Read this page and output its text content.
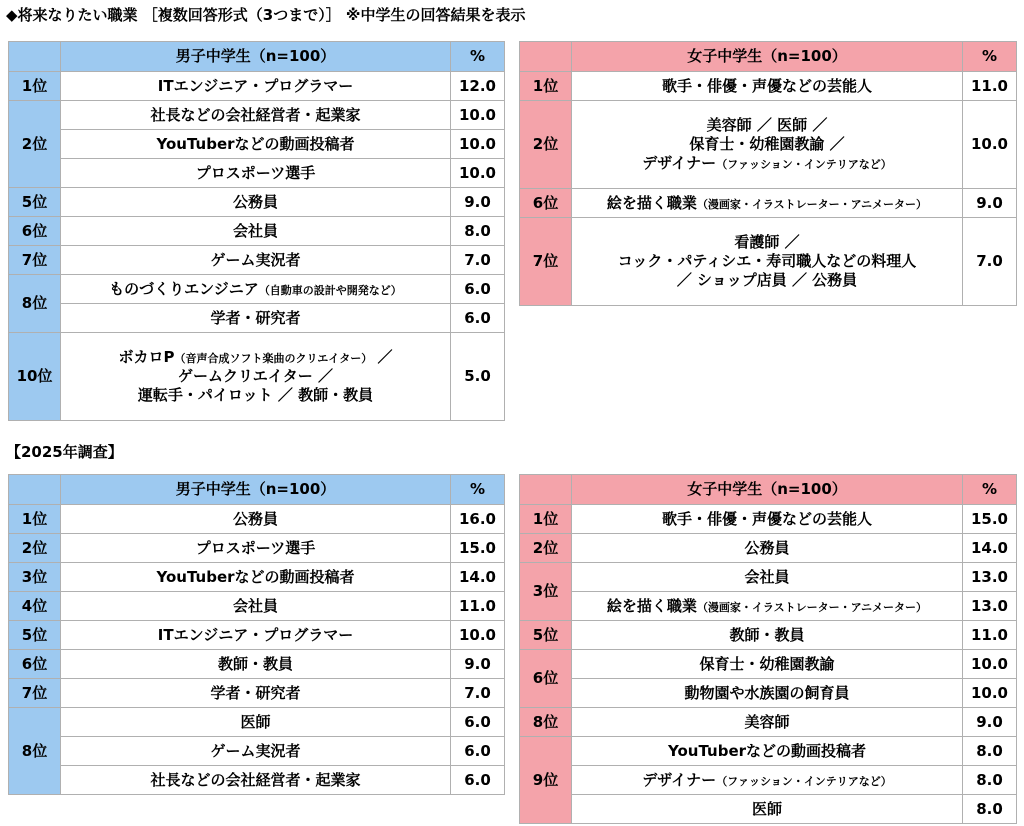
◆将来なりたい職業 ［複数回答形式（3つまで）］ ※中学生の回答結果を表示
	男子中学生（n=100）	%
1位	ITエンジニア・プログラマー	12.0
2位	社長などの会社経営者・起業家	10.0
	YouTuberなどの動画投稿者	10.0
	プロスポーツ選手	10.0
5位	公務員	9.0
6位	会社員	8.0
7位	ゲーム実況者	7.0
8位	ものづくりエンジニア（自動車の設計や開発など）	6.0
	学者・研究者	6.0
10位	ボカロP（音声合成ソフト楽曲のクリエイター） ／
ゲームクリエイター ／
運転手・パイロット ／ 教師・教員	5.0
	女子中学生（n=100）	%
1位	歌手・俳優・声優などの芸能人	11.0
2位	美容師 ／ 医師 ／
保育士・幼稚園教諭 ／
デザイナー（ファッション・インテリアなど）	10.0
6位	絵を描く職業（漫画家・イラストレーター・アニメーター）	9.0
7位	看護師 ／
コック・パティシエ・寿司職人などの料理人
／ ショップ店員 ／ 公務員	7.0
【2025年調査】
	男子中学生（n=100）	%
1位	公務員	16.0
2位	プロスポーツ選手	15.0
3位	YouTuberなどの動画投稿者	14.0
4位	会社員	11.0
5位	ITエンジニア・プログラマー	10.0
6位	教師・教員	9.0
7位	学者・研究者	7.0
8位	医師	6.0
	ゲーム実況者	6.0
	社長などの会社経営者・起業家	6.0
	女子中学生（n=100）	%
1位	歌手・俳優・声優などの芸能人	15.0
2位	公務員	14.0
3位	会社員	13.0
	絵を描く職業（漫画家・イラストレーター・アニメーター）	13.0
5位	教師・教員	11.0
6位	保育士・幼稚園教諭	10.0
	動物園や水族園の飼育員	10.0
8位	美容師	9.0
9位	YouTuberなどの動画投稿者	8.0
	デザイナー（ファッション・インテリアなど）	8.0
	医師	8.0
